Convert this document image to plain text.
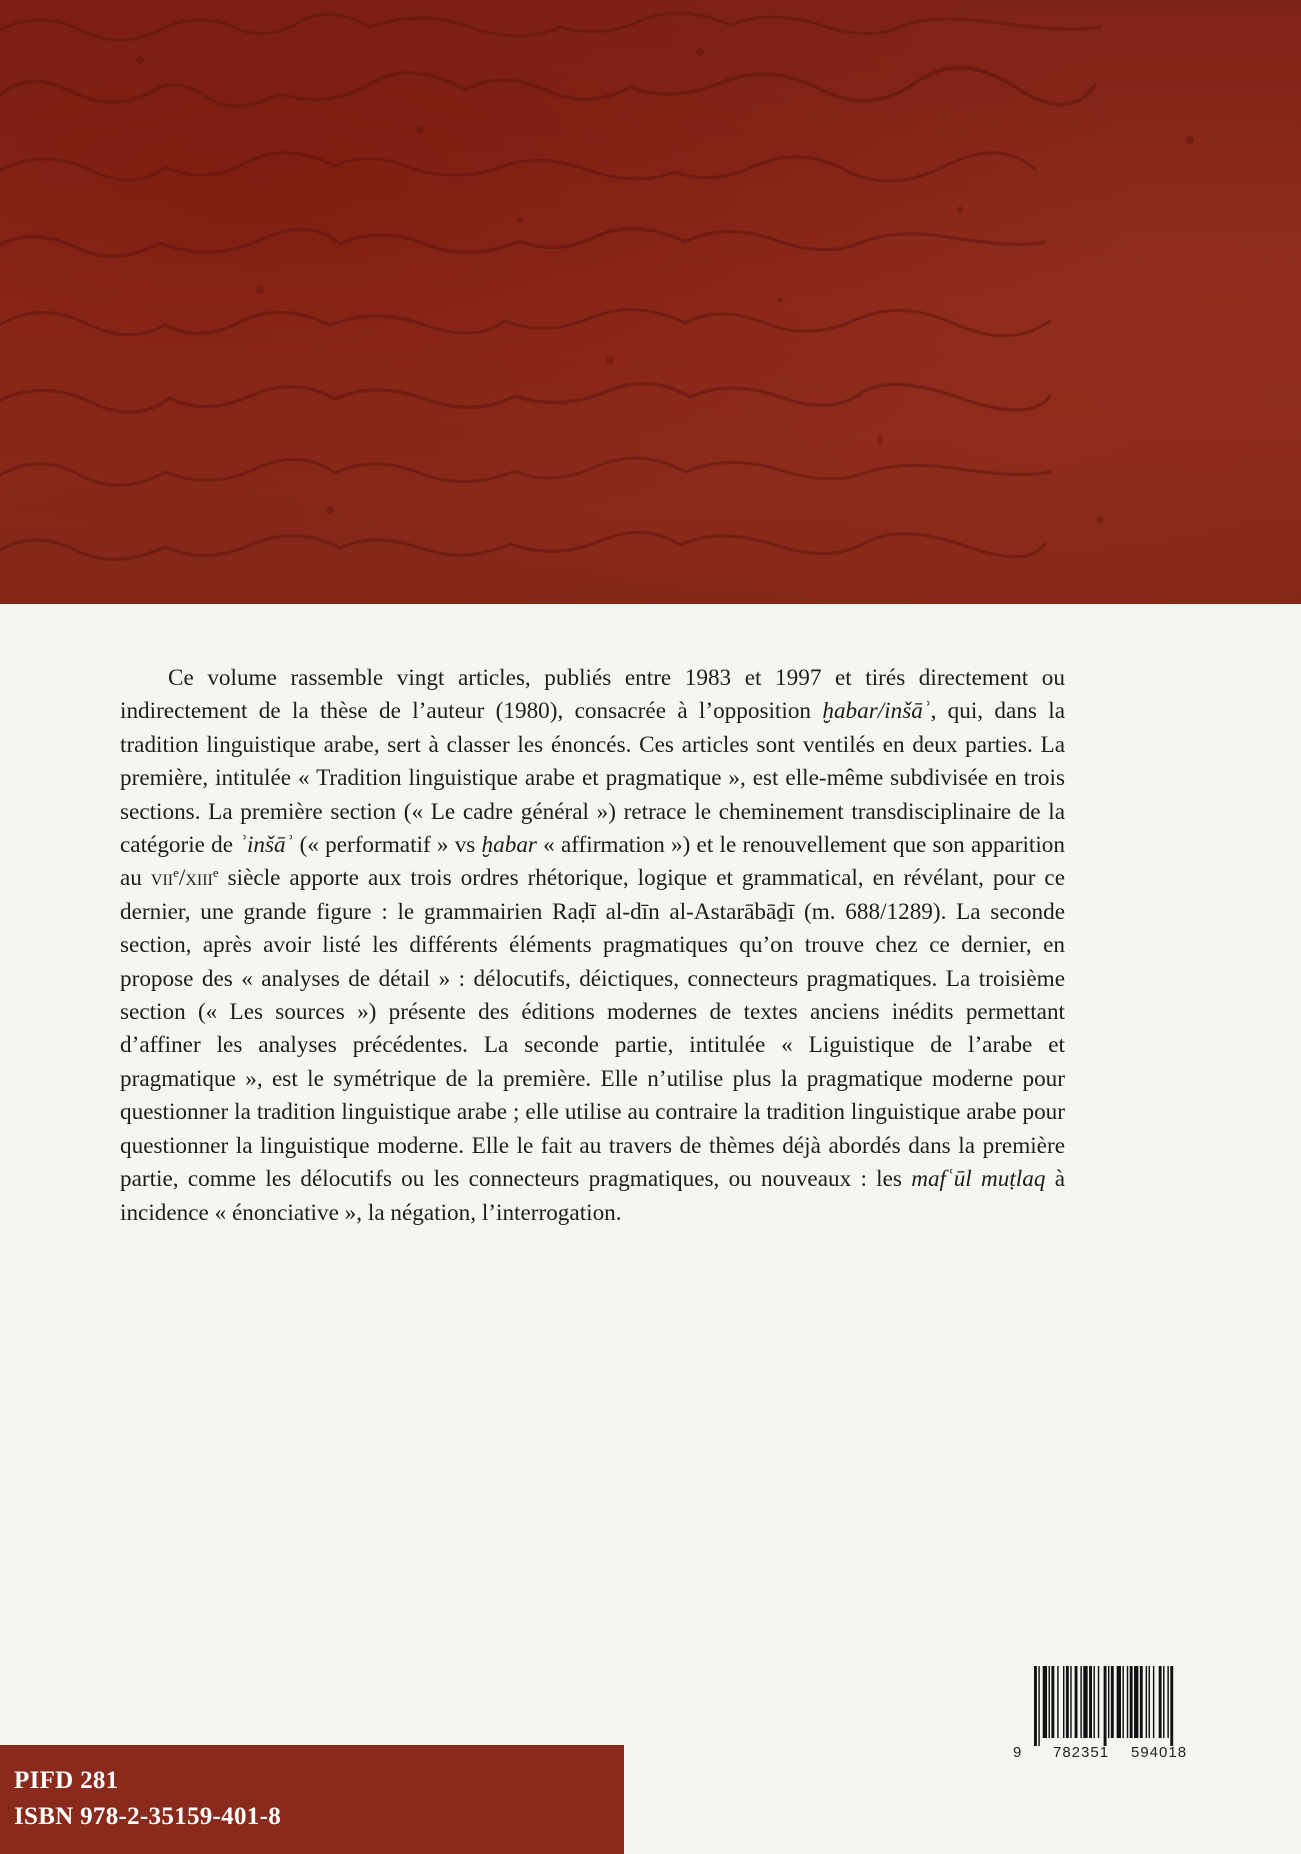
Ce volume rassemble vingt articles, publiés entre 1983 et 1997 et tirés directement ou indirectement de la thèse de l’auteur (1980), consacrée à l’opposition ḫabar/inšāʾ, qui, dans la tradition linguistique arabe, sert à classer les énoncés. Ces articles sont ventilés en deux parties. La première, intitulée « Tradition linguistique arabe et pragmatique », est elle-même subdivisée en trois sections. La première section (« Le cadre général ») retrace le cheminement transdisciplinaire de la catégorie de ʾinšāʾ (« performatif » vs ḫabar « affirmation ») et le renouvellement que son apparition au vii$^e$/xiii$^e$ siècle apporte aux trois ordres rhétorique, logique et grammatical, en révélant, pour ce dernier, une grande figure : le grammairien Raḍī al-dīn al-Astarābāḏī (m. 688/1289). La seconde section, après avoir listé les différents éléments pragmatiques qu’on trouve chez ce dernier, en propose des « analyses de détail » : délocutifs, déictiques, connecteurs pragmatiques. La troisième section (« Les sources ») présente des éditions modernes de textes anciens inédits permettant d’affiner les analyses précédentes. La seconde partie, intitulée « Liguistique de l’arabe et pragmatique », est le symétrique de la première. Elle n’utilise plus la pragmatique moderne pour questionner la tradition linguistique arabe ; elle utilise au contraire la tradition linguistique arabe pour questionner la linguistique moderne. Elle le fait au travers de thèmes déjà abordés dans la première partie, comme les délocutifs ou les connecteurs pragmatiques, ou nouveaux : les mafʿūl muṭlaq à incidence « énonciative », la négation, l’interrogation.

9 782351 594018
PIFD 281
ISBN 978-2-35159-401-8
